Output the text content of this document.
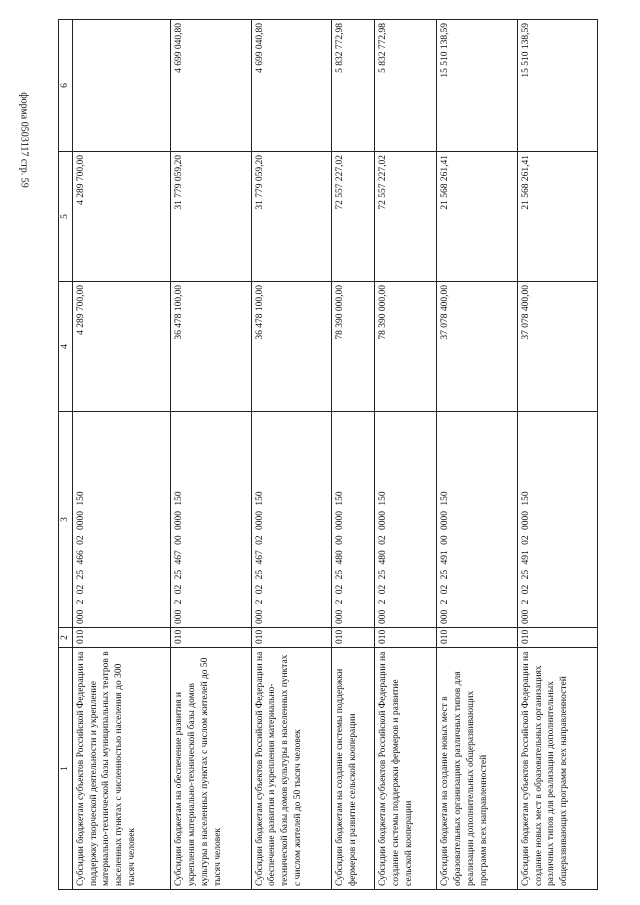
форма 0503117 стр. 59
1	2	3	4	5	6
Субсидии бюджетам субъектов Российской Федерации на поддержку творческой деятельности и укрепление материально-технической базы муниципальных театров в населенных пунктах с численностью населения до 300 тысяч человек	010	000 2 02 25 466 02 0000 150	4 289 700,00	4 289 700,00	
Субсидии бюджетам на обеспечение развития и укрепления материально-технической базы домов культуры в населенных пунктах с числом жителей до 50 тысяч человек	010	000 2 02 25 467 00 0000 150	36 478 100,00	31 779 059,20	4 699 040,80
Субсидии бюджетам субъектов Российской Федерации на обеспечение развития и укрепления материально-технической базы домов культуры в населенных пунктах с числом жителей до 50 тысяч человек	010	000 2 02 25 467 02 0000 150	36 478 100,00	31 779 059,20	4 699 040,80
Субсидии бюджетам на создание системы поддержки фермеров и развитие сельской кооперации	010	000 2 02 25 480 00 0000 150	78 390 000,00	72 557 227,02	5 832 772,98
Субсидии бюджетам субъектов Российской Федерации на создание системы поддержки фермеров и развитие сельской кооперации	010	000 2 02 25 480 02 0000 150	78 390 000,00	72 557 227,02	5 832 772,98
Субсидии бюджетам на создание новых мест в образовательных организациях различных типов для реализации дополнительных общеразвивающих программ всех направленностей	010	000 2 02 25 491 00 0000 150	37 078 400,00	21 568 261,41	15 510 138,59
Субсидии бюджетам субъектов Российской Федерации на создание новых мест в образовательных организациях различных типов для реализации дополнительных общеразвивающих программ всех направленностей	010	000 2 02 25 491 02 0000 150	37 078 400,00	21 568 261,41	15 510 138,59
